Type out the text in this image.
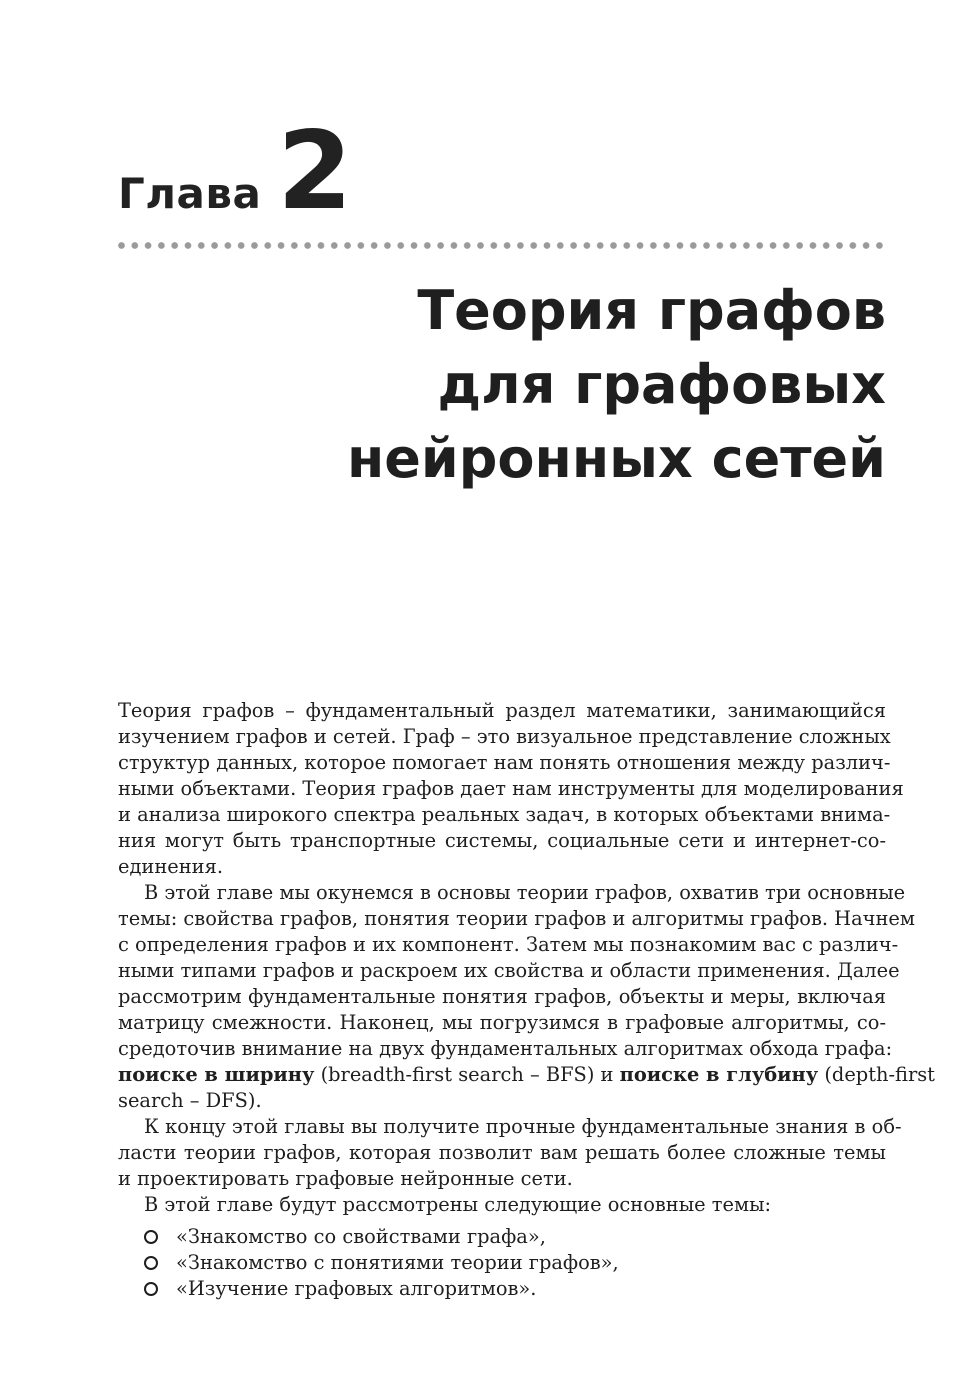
Глава 2
Теория графов
для графовых
нейронных сетей

Теория графов – фундаментальный раздел математики, занимающийся
изучением графов и сетей. Граф – это визуальное представление сложных
структур данных, которое помогает нам понять отношения между различ-
ными объектами. Теория графов дает нам инструменты для моделирования
и анализа широкого спектра реальных задач, в которых объектами внима-
ния могут быть транспортные системы, социальные сети и интернет-со-
единения.

В этой главе мы окунемся в основы теории графов, охватив три основные
темы: свойства графов, понятия теории графов и алгоритмы графов. Начнем
с определения графов и их компонент. Затем мы познакомим вас с различ-
ными типами графов и раскроем их свойства и области применения. Далее
рассмотрим фундаментальные понятия графов, объекты и меры, включая
матрицу смежности. Наконец, мы погрузимся в графовые алгоритмы, со-
средоточив внимание на двух фундаментальных алгоритмах обхода графа:
поиске в ширину (breadth-first search – BFS) и поиске в глубину (depth-first
search – DFS).

К концу этой главы вы получите прочные фундаментальные знания в об-
ласти теории графов, которая позволит вам решать более сложные темы
и проектировать графовые нейронные сети.

В этой главе будут рассмотрены следующие основные темы:

«Знакомство со свойствами графа»,
«Знакомство с понятиями теории графов»,
«Изучение графовых алгоритмов».
